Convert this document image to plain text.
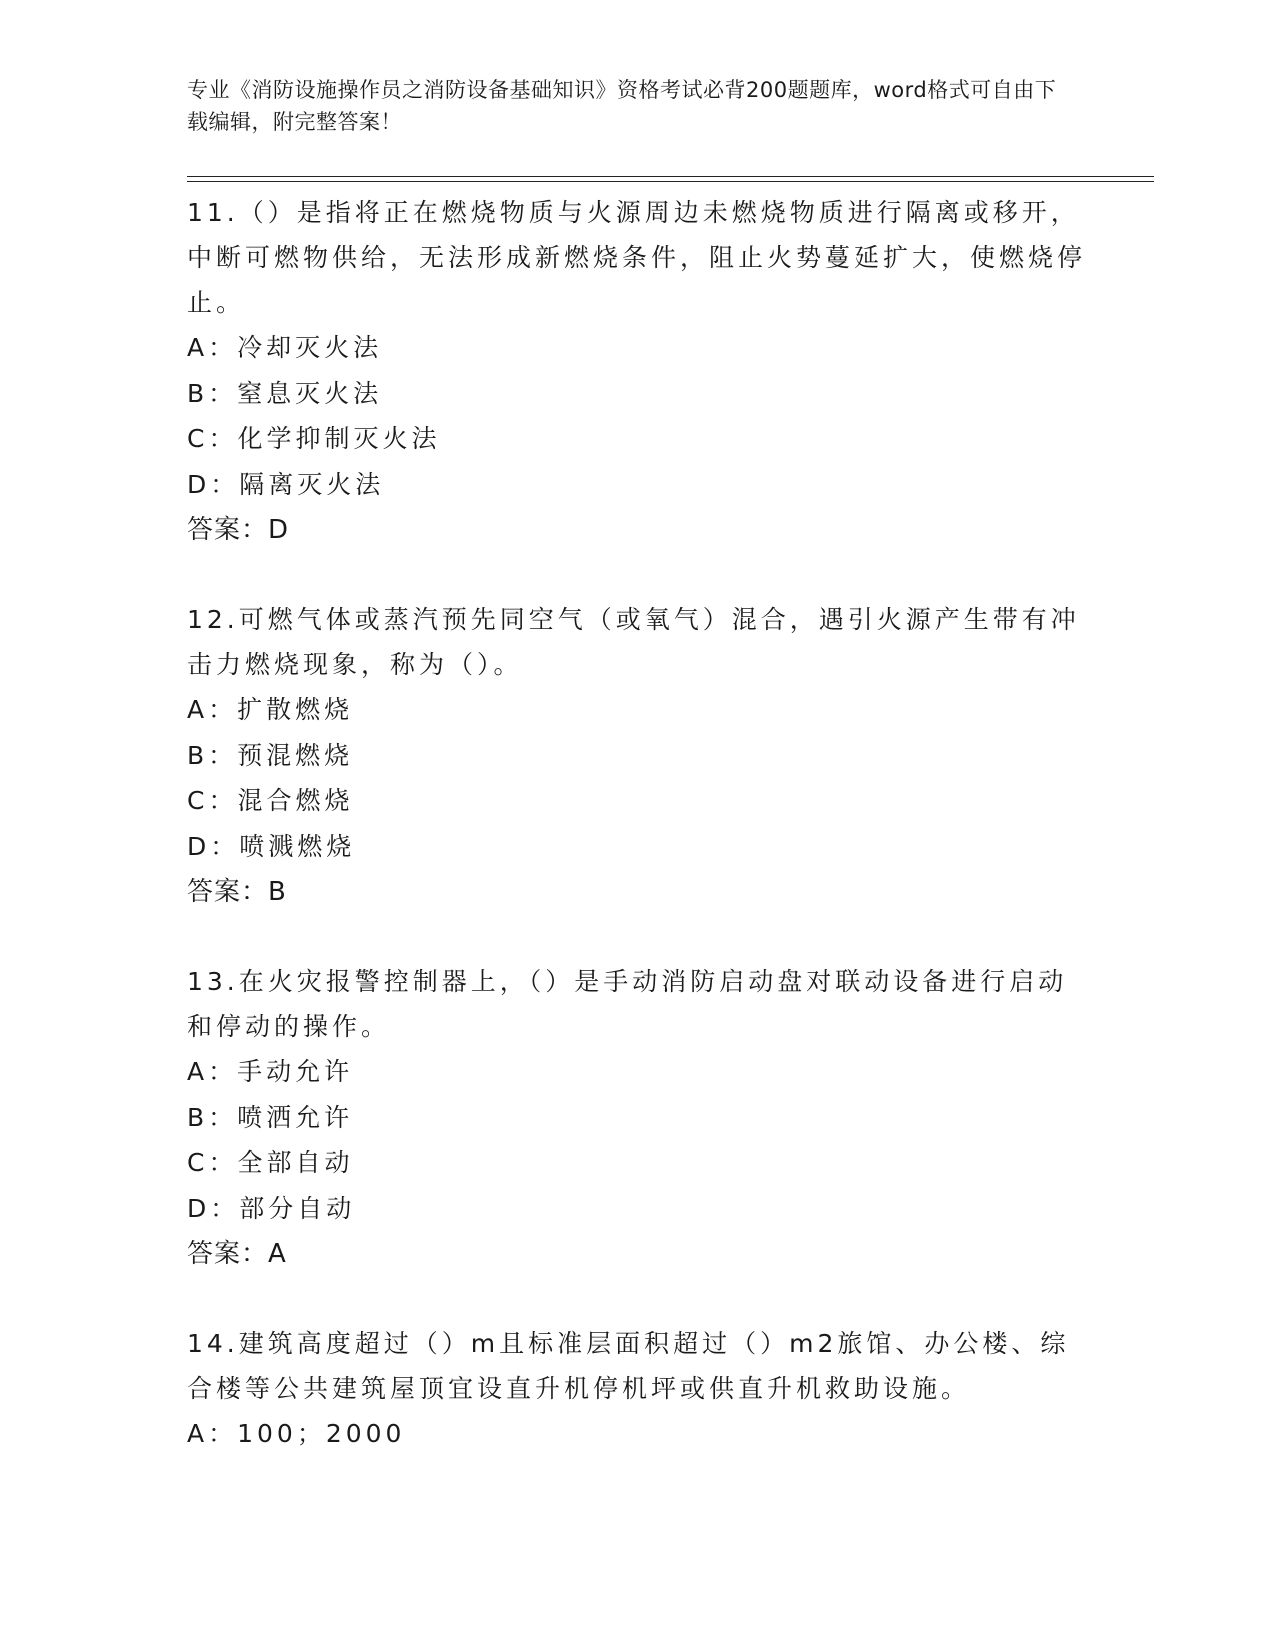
专业《消防设施操作员之消防设备基础知识》资格考试必背200题题库，word格式可自由下载编辑，附完整答案！

11.（）是指将正在燃烧物质与火源周边未燃烧物质进行隔离或移开，中断可燃物供给，无法形成新燃烧条件，阻止火势蔓延扩大，使燃烧停止。

A：冷却灭火法

B：窒息灭火法

C：化学抑制灭火法

D：隔离灭火法

答案：D

12.可燃气体或蒸汽预先同空气（或氧气）混合，遇引火源产生带有冲击力燃烧现象，称为（）。

A：扩散燃烧

B：预混燃烧

C：混合燃烧

D：喷溅燃烧

答案：B

13.在火灾报警控制器上，（）是手动消防启动盘对联动设备进行启动和停动的操作。

A：手动允许

B：喷洒允许

C：全部自动

D：部分自动

答案：A

14.建筑高度超过（）m且标准层面积超过（）m2旅馆、办公楼、综合楼等公共建筑屋顶宜设直升机停机坪或供直升机救助设施。

A：100；2000
